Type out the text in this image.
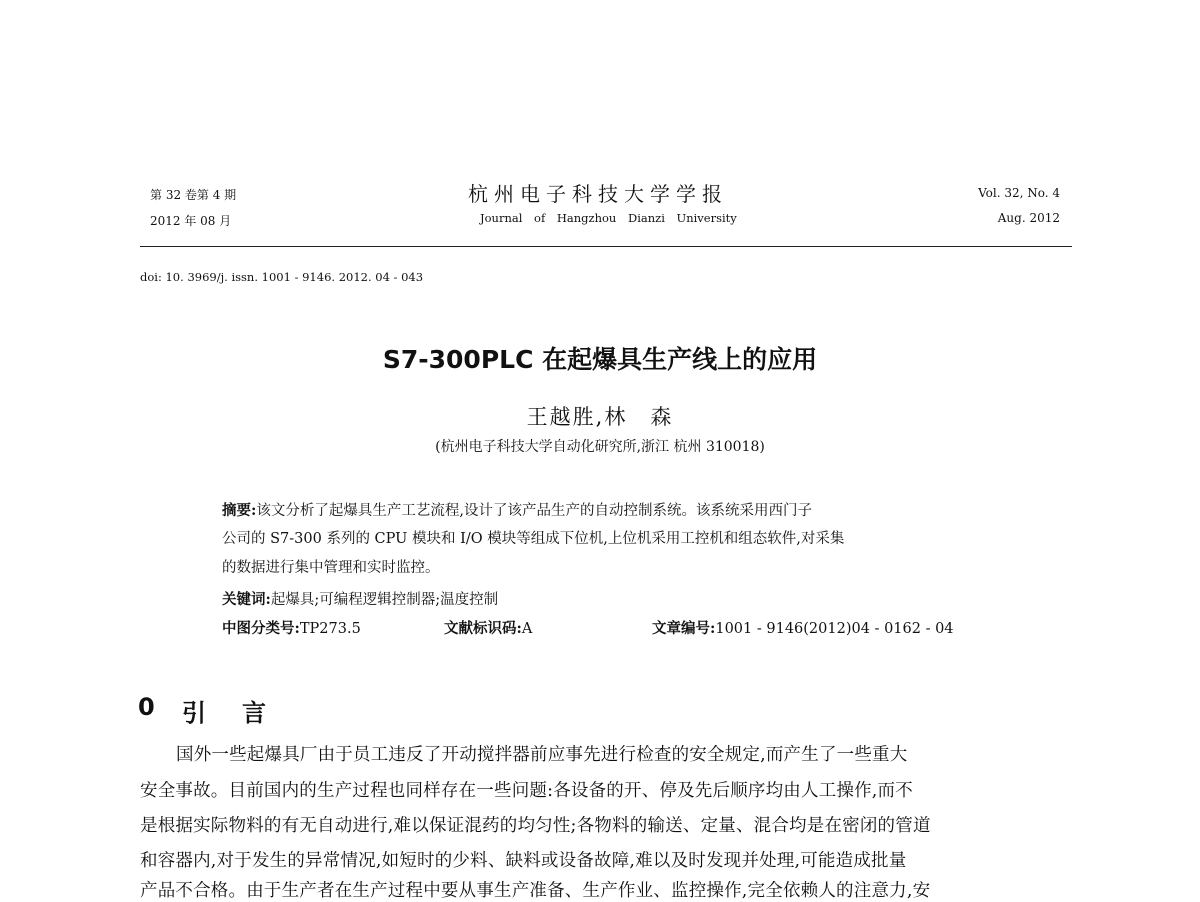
第 32 卷第 4 期
2012 年 08 月
杭州电子科技大学学报
Journal of Hangzhou Dianzi University
Vol. 32, No. 4
Aug. 2012
doi: 10. 3969/j. issn. 1001 - 9146. 2012. 04 - 043
S7-300PLC 在起爆具生产线上的应用
王越胜,林　森
(杭州电子科技大学自动化研究所,浙江 杭州 310018)
摘要:该文分析了起爆具生产工艺流程,设计了该产品生产的自动控制系统。该系统采用西门子
公司的 S7-300 系列的 CPU 模块和 I/O 模块等组成下位机,上位机采用工控机和组态软件,对采集
的数据进行集中管理和实时监控。
关键词:起爆具;可编程逻辑控制器;温度控制
中图分类号:TP273.5	文献标识码:A	文章编号:1001 - 9146(2012)04 - 0162 - 04
0 引　言
国外一些起爆具厂由于员工违反了开动搅拌器前应事先进行检查的安全规定,而产生了一些重大
安全事故。目前国内的生产过程也同样存在一些问题:各设备的开、停及先后顺序均由人工操作,而不
是根据实际物料的有无自动进行,难以保证混药的均匀性;各物料的输送、定量、混合均是在密闭的管道
和容器内,对于发生的异常情况,如短时的少料、缺料或设备故障,难以及时发现并处理,可能造成批量
产品不合格。由于生产者在生产过程中要从事生产准备、生产作业、监控操作,完全依赖人的注意力,安
